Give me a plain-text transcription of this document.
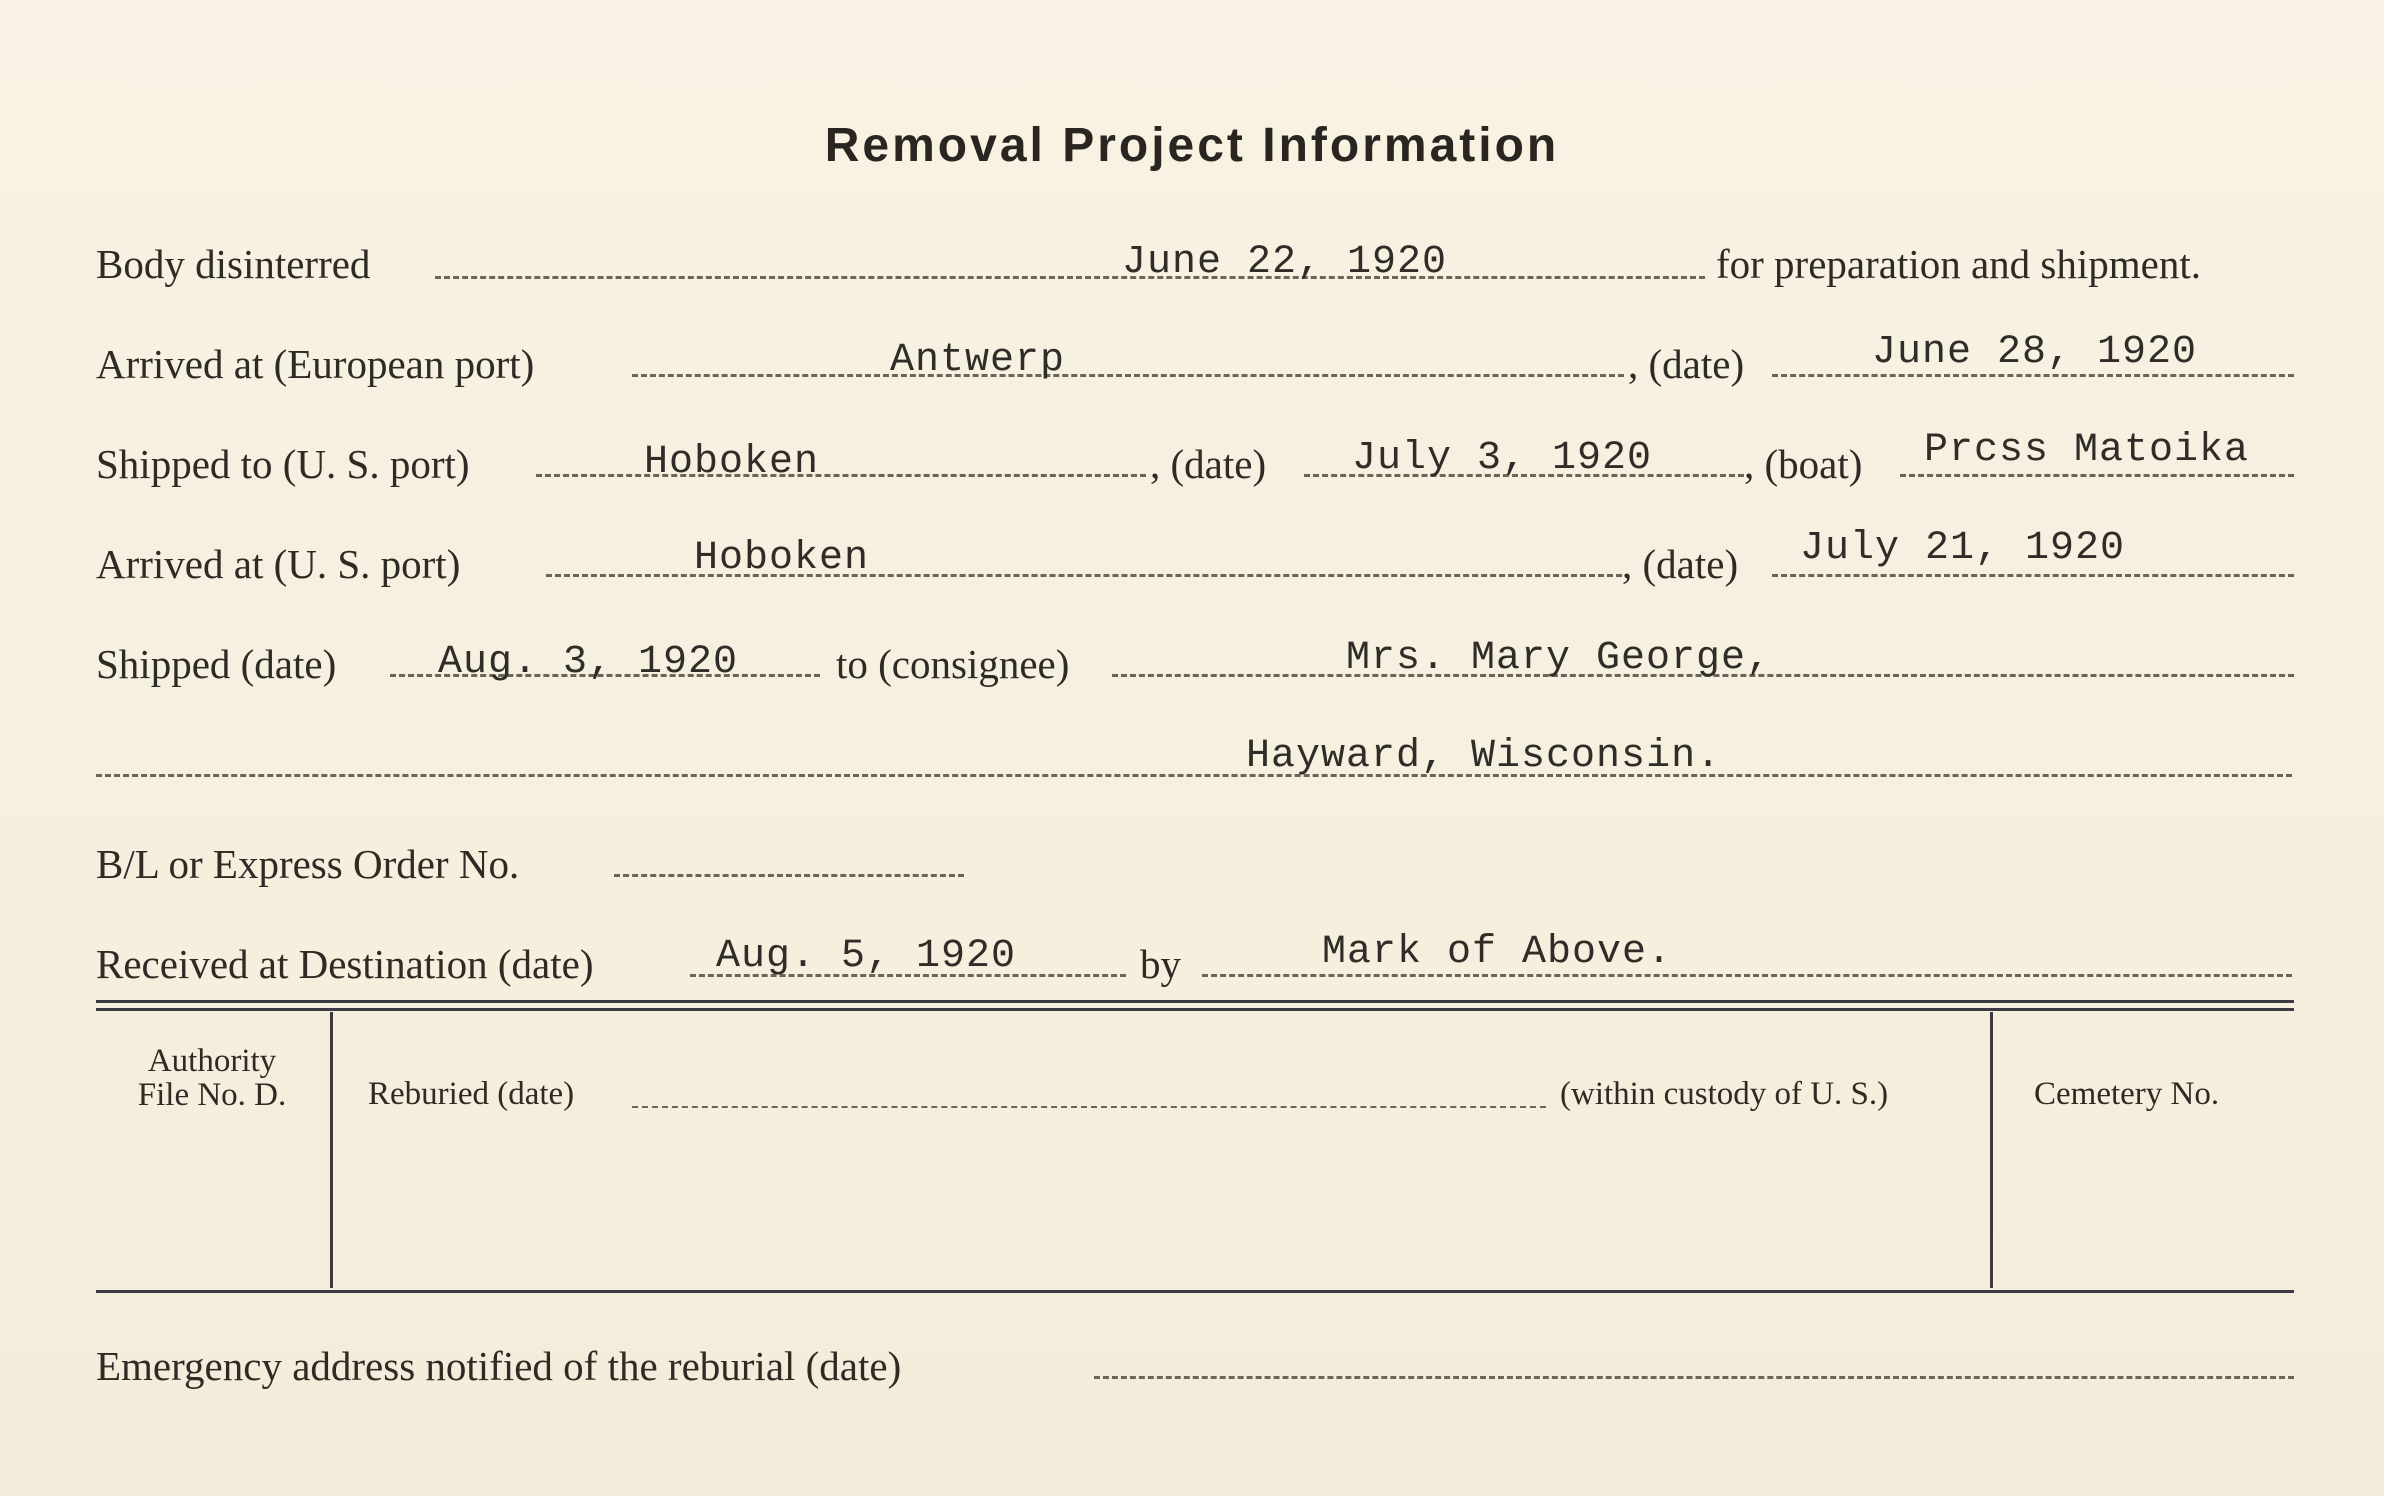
Removal Project Information
Body disinterred	June 22, 1920	for preparation and shipment.
Arrived at (European port)	Antwerp	, (date)	June 28, 1920
Shipped to (U. S. port)	Hoboken	, (date) July 3, 1920 , (boat) Prcss Matoika
Arrived at (U. S. port)	Hoboken	, (date) July 21, 1920
Shipped (date)	Aug. 3, 1920 to (consignee)	Mrs. Mary George,
Hayward, Wisconsin.
B/L or Express Order No.
Received at Destination (date)	Aug. 5, 1920	by	Mark of Above.
Authority
File No. D.	Reburied (date)	(within custody of U. S.)	Cemetery No.
Emergency address notified of the reburial (date)
